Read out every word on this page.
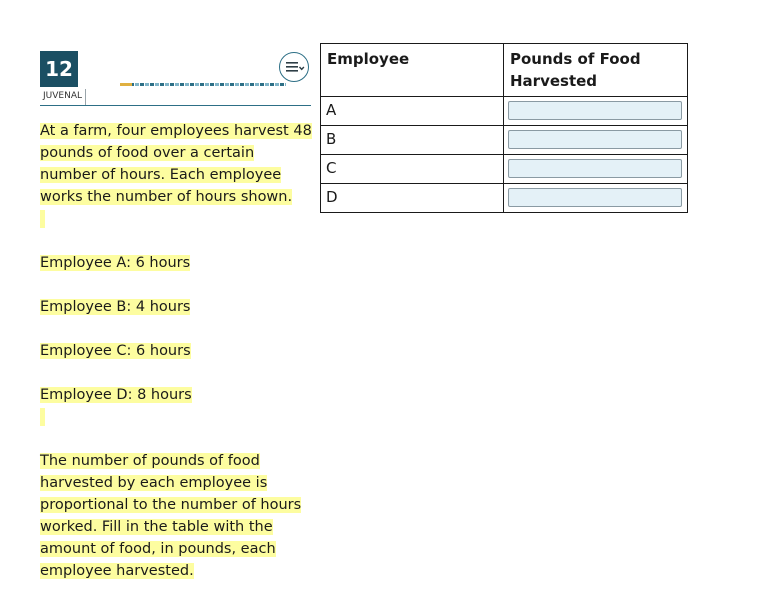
12
JUVENAL

At a farm, four employees harvest 48 pounds of food over a certain number of hours. Each employee works the number of hours shown.

Employee A: 6 hours

Employee B: 4 hours

Employee C: 6 hours

Employee D: 8 hours

The number of pounds of food harvested by each employee is proportional to the number of hours worked. Fill in the table with the amount of food, in pounds, each employee harvested.

Employee	Pounds of Food Harvested
A	

B	

C	

D	
